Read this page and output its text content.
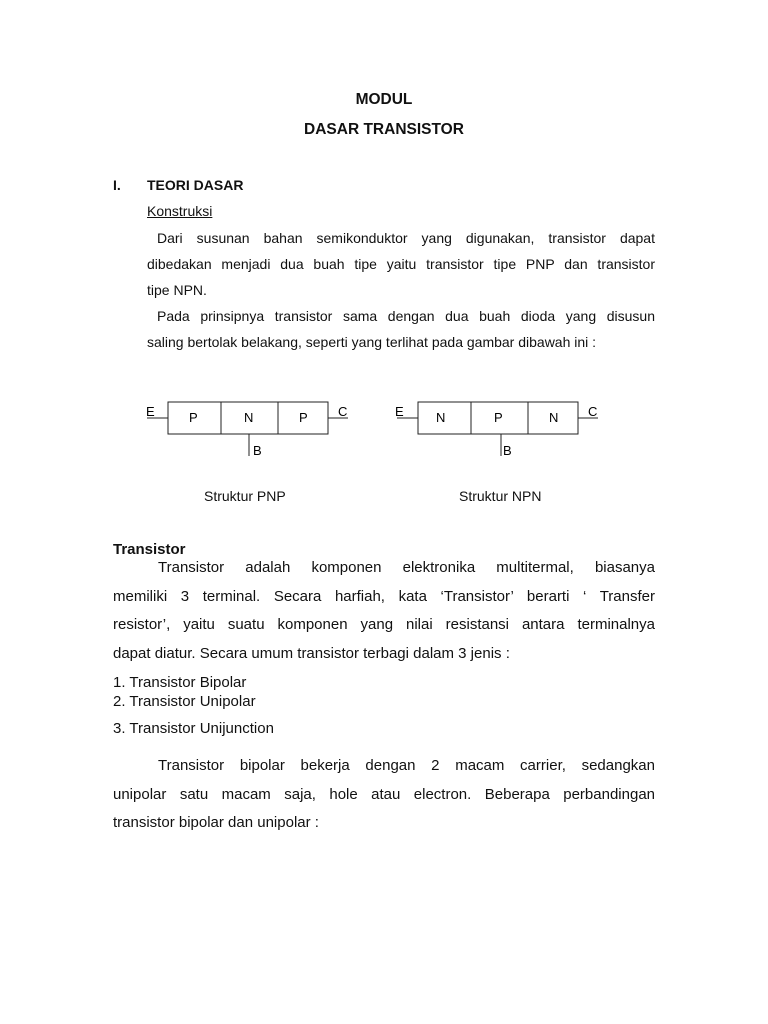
MODUL
DASAR TRANSISTOR
I. TEORI DASAR
Konstruksi
Dari susunan bahan semikonduktor yang digunakan, transistor dapat
dibedakan menjadi dua buah tipe yaitu transistor tipe PNP dan transistor
tipe NPN.
Pada prinsipnya transistor sama dengan dua buah dioda yang disusun
saling bertolak belakang, seperti yang terlihat pada gambar dibawah ini :
E	C
P	N	P
B
E	C
N	P	N
B
Struktur PNP	Struktur NPN
Transistor
Transistor adalah komponen elektronika multitermal, biasanya
memiliki 3 terminal. Secara harfiah, kata ‘Transistor’ berarti ‘ Transfer
resistor’, yaitu suatu komponen yang nilai resistansi antara terminalnya
dapat diatur. Secara umum transistor terbagi dalam 3 jenis :
1. Transistor Bipolar
2. Transistor Unipolar
3. Transistor Unijunction
Transistor bipolar bekerja dengan 2 macam carrier, sedangkan
unipolar satu macam saja, hole atau electron. Beberapa perbandingan
transistor bipolar dan unipolar :
